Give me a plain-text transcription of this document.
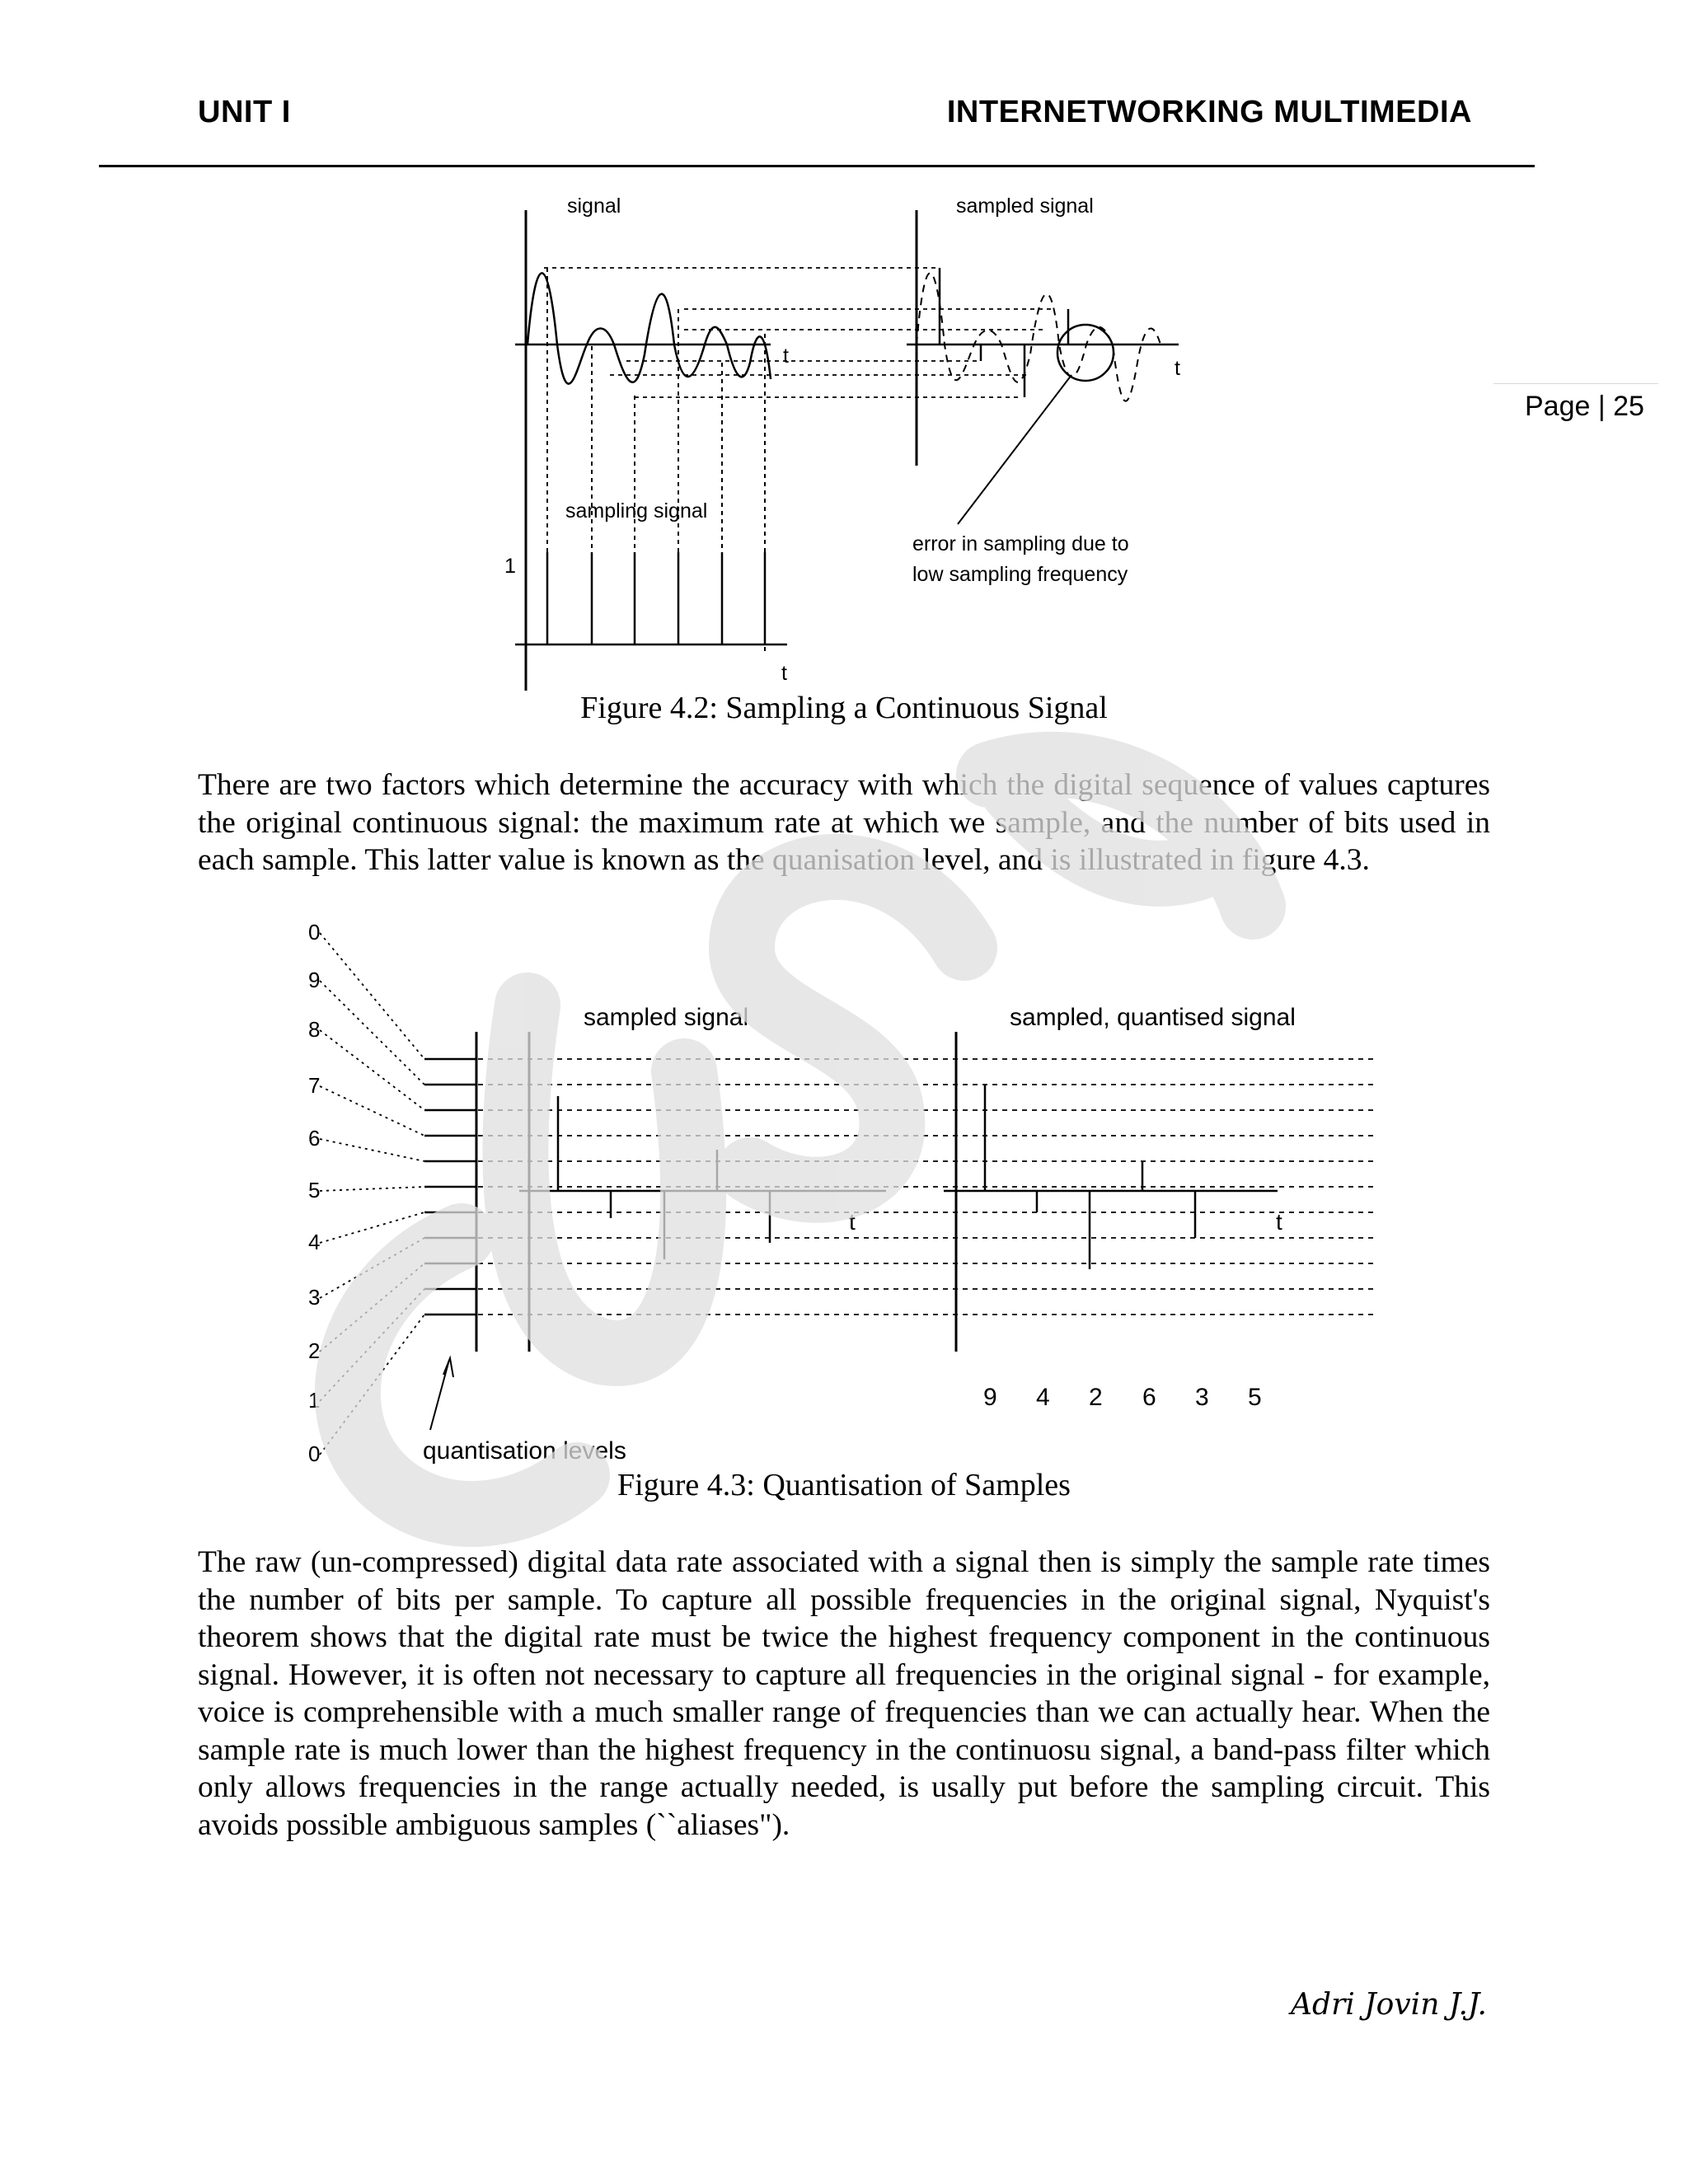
UNIT I	INTERNETWORKING MULTIMEDIA
Page | 25
signal	sampled signal
sampling signal
error in sampling due to
low sampling frequency
t
t
t
1
Figure 4.2: Sampling a Continuous Signal
There are two factors which determine the accuracy with which the digital sequence of values captures the original continuous signal: the maximum rate at which we sample, and the number of bits used in each sample. This latter value is known as the quanisation level, and is illustrated in figure 4.3.
0
9
8
7
6
5
4
3
2
1
0
sampled signal	sampled, quantised signal
t	t
quantisation levels
9 4 2 6 3 5
Figure 4.3: Quantisation of Samples
The raw (un-compressed) digital data rate associated with a signal then is simply the sample rate times the number of bits per sample. To capture all possible frequencies in the original signal, Nyquist's theorem shows that the digital rate must be twice the highest frequency component in the continuous signal. However, it is often not necessary to capture all frequencies in the original signal - for example, voice is comprehensible with a much smaller range of frequencies than we can actually hear. When the sample rate is much lower than the highest frequency in the continuosu signal, a band-pass filter which only allows frequencies in the range actually needed, is usally put before the sampling circuit. This avoids possible ambiguous samples (``aliases").
Adri Jovin J.J.
